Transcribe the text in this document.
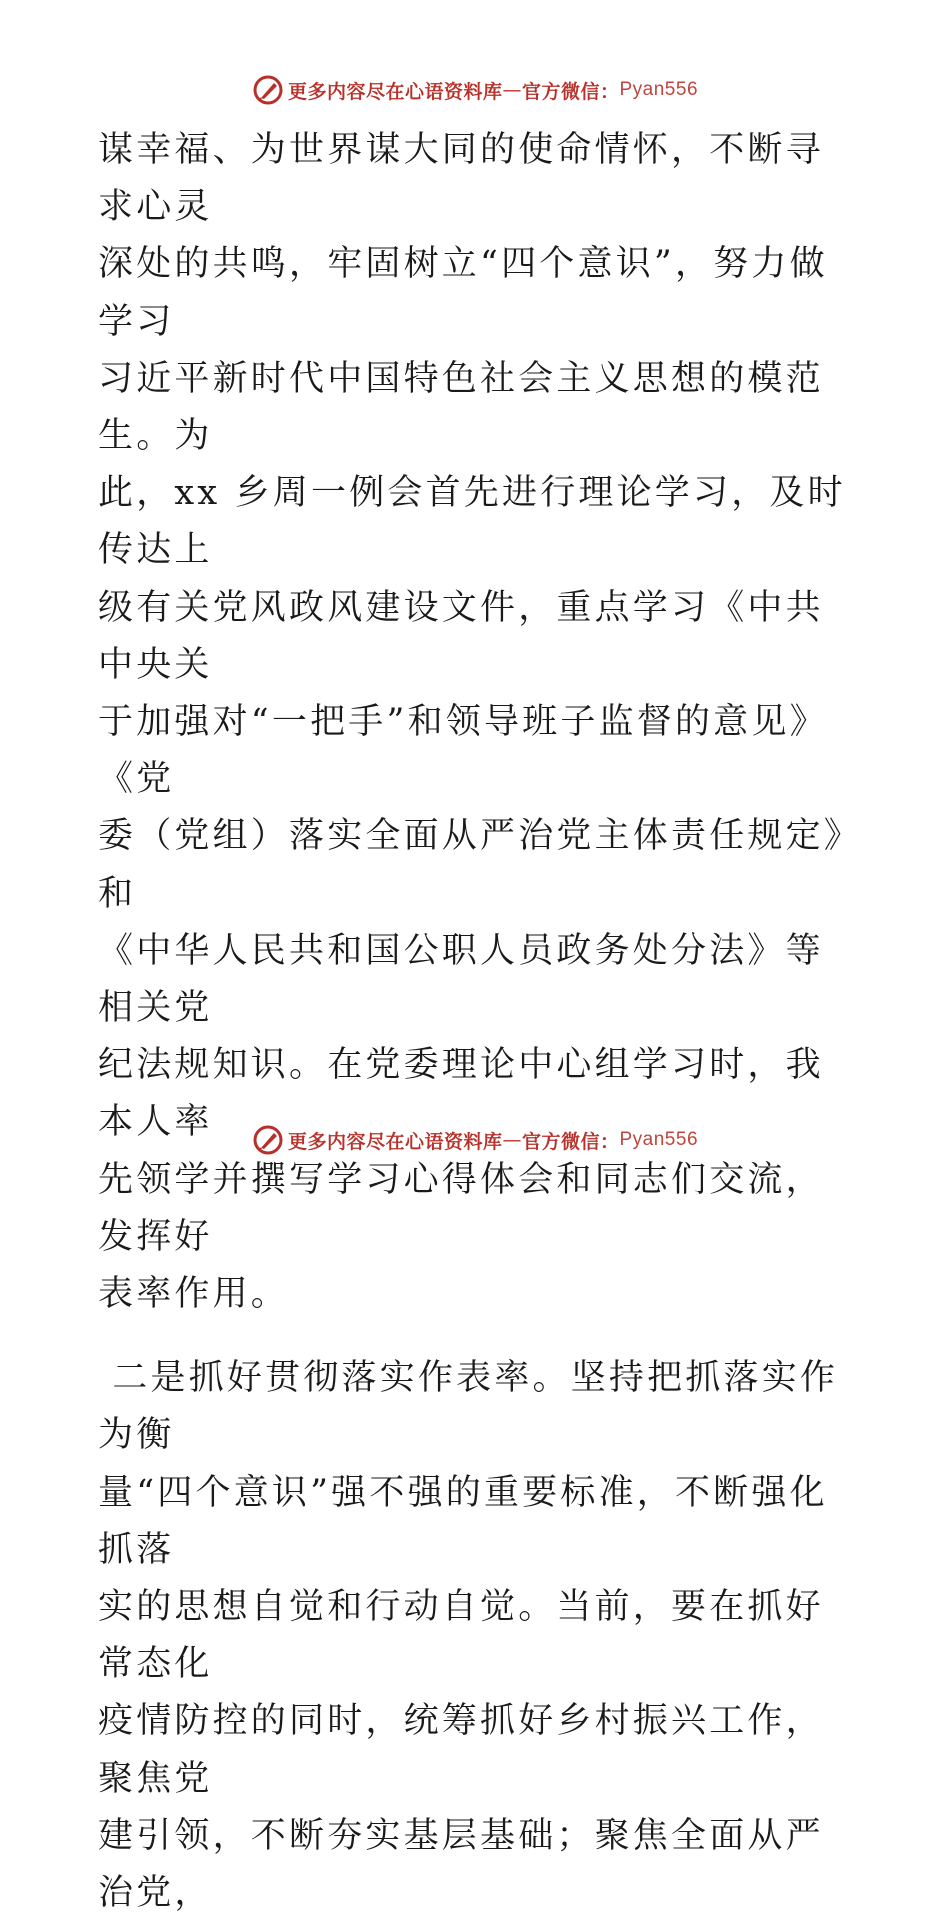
更多内容尽在心语资料库 — 官方微信： Pyan556

谋幸福、为世界谋大同的使命情怀，不断寻求心灵

深处的共鸣，牢固树立“四个意识”，努力做学习

习近平新时代中国特色社会主义思想的模范生。为

此，xx 乡周一例会首先进行理论学习，及时传达上

级有关党风政风建设文件，重点学习《中共中央关

于加强对“一把手”和领导班子监督的意见》《党

委（党组）落实全面从严治党主体责任规定》和

《中华人民共和国公职人员政务处分法》等相关党

纪法规知识。在党委理论中心组学习时，我本人率

先领学并撰写学习心得体会和同志们交流，发挥好

表率作用。

二是抓好贯彻落实作表率。坚持把抓落实作为衡

量“四个意识”强不强的重要标准，不断强化抓落

实的思想自觉和行动自觉。当前，要在抓好常态化

疫情防控的同时，统筹抓好乡村振兴工作，聚焦党

建引领，不断夯实基层基础；聚焦全面从严治党，

更多内容尽在心语资料库 — 官方微信： Pyan556
